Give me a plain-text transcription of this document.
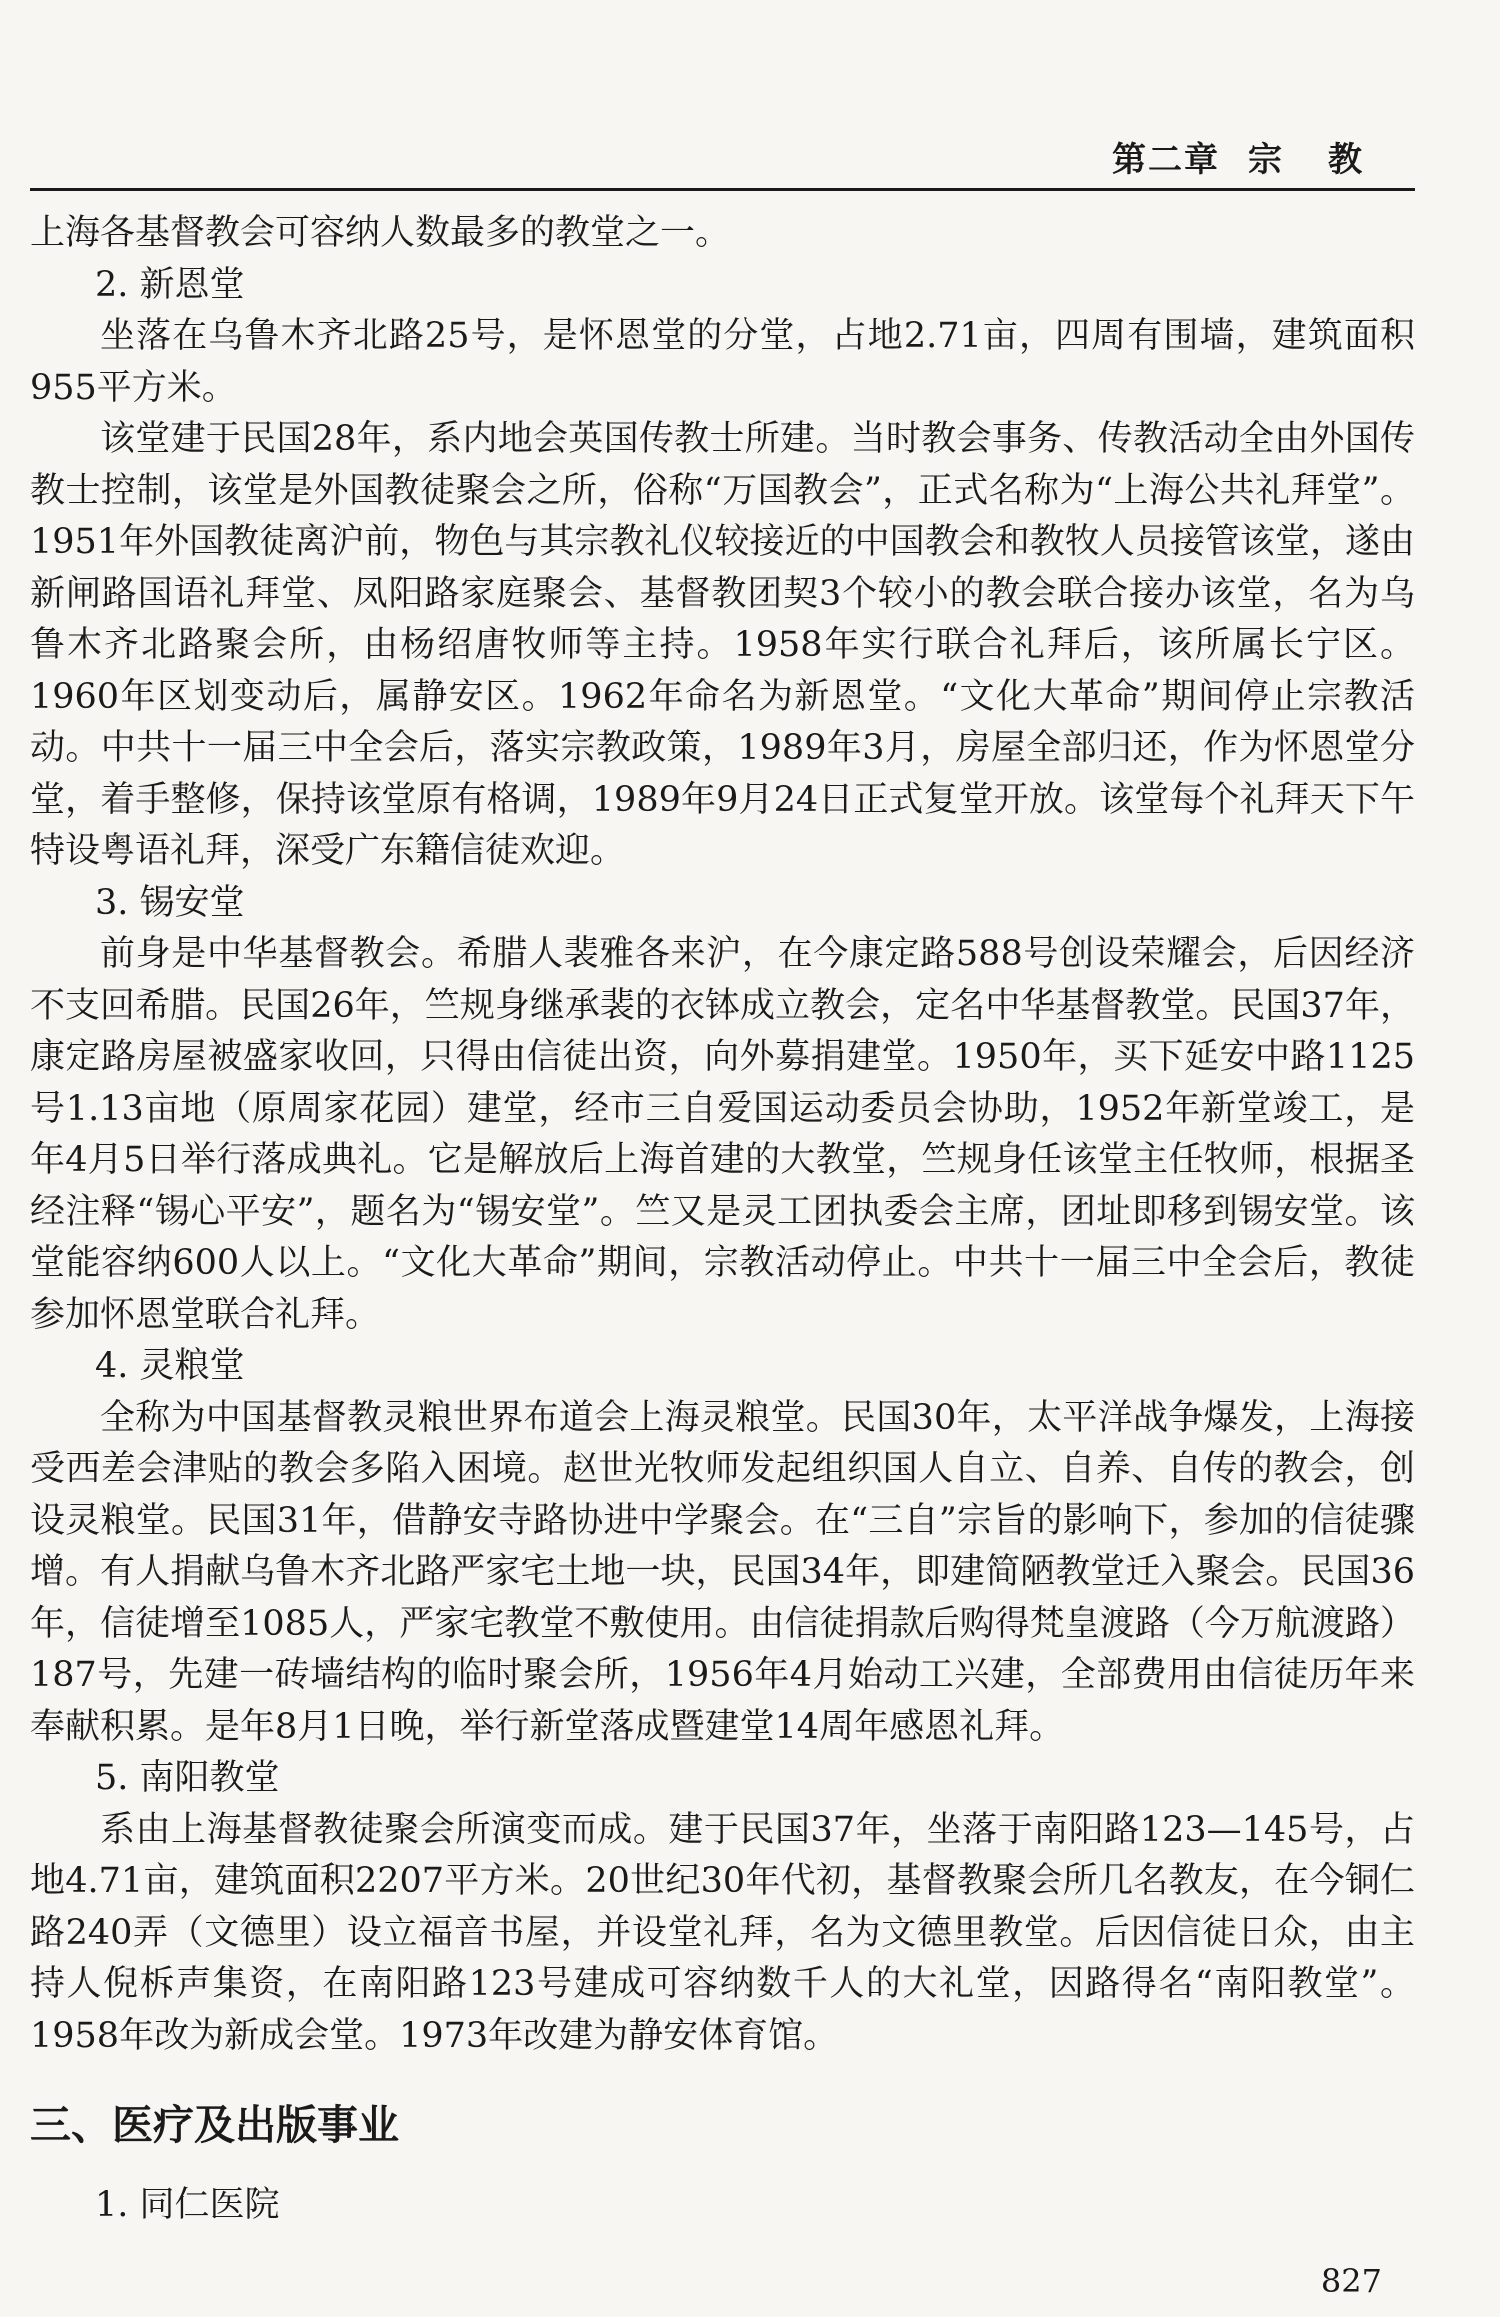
第二章 宗教

上海各基督教会可容纳人数最多的教堂之一。

2. 新恩堂

坐落在乌鲁木齐北路25号，是怀恩堂的分堂，占地2.71亩，四周有围墙，建筑面积955平方米。

该堂建于民国28年，系内地会英国传教士所建。当时教会事务、传教活动全由外国传教士控制，该堂是外国教徒聚会之所，俗称“万国教会”，正式名称为“上海公共礼拜堂”。1951年外国教徒离沪前，物色与其宗教礼仪较接近的中国教会和教牧人员接管该堂，遂由新闸路国语礼拜堂、凤阳路家庭聚会、基督教团契3个较小的教会联合接办该堂，名为乌鲁木齐北路聚会所，由杨绍唐牧师等主持。1958年实行联合礼拜后，该所属长宁区。1960年区划变动后，属静安区。1962年命名为新恩堂。“文化大革命”期间停止宗教活动。中共十一届三中全会后，落实宗教政策，1989年3月，房屋全部归还，作为怀恩堂分堂，着手整修，保持该堂原有格调，1989年9月24日正式复堂开放。该堂每个礼拜天下午特设粤语礼拜，深受广东籍信徒欢迎。

3. 锡安堂

前身是中华基督教会。希腊人裴雅各来沪，在今康定路588号创设荣耀会，后因经济不支回希腊。民国26年，竺规身继承裴的衣钵成立教会，定名中华基督教堂。民国37年，康定路房屋被盛家收回，只得由信徒出资，向外募捐建堂。1950年，买下延安中路1125号1.13亩地（原周家花园）建堂，经市三自爱国运动委员会协助，1952年新堂竣工，是年4月5日举行落成典礼。它是解放后上海首建的大教堂，竺规身任该堂主任牧师，根据圣经注释“锡心平安”，题名为“锡安堂”。竺又是灵工团执委会主席，团址即移到锡安堂。该堂能容纳600人以上。“文化大革命”期间，宗教活动停止。中共十一届三中全会后，教徒参加怀恩堂联合礼拜。

4. 灵粮堂

全称为中国基督教灵粮世界布道会上海灵粮堂。民国30年，太平洋战争爆发，上海接受西差会津贴的教会多陷入困境。赵世光牧师发起组织国人自立、自养、自传的教会，创设灵粮堂。民国31年，借静安寺路协进中学聚会。在“三自”宗旨的影响下，参加的信徒骤增。有人捐献乌鲁木齐北路严家宅土地一块，民国34年，即建简陋教堂迁入聚会。民国36年，信徒增至1085人，严家宅教堂不敷使用。由信徒捐款后购得梵皇渡路（今万航渡路）187号，先建一砖墙结构的临时聚会所，1956年4月始动工兴建，全部费用由信徒历年来奉献积累。是年8月1日晚，举行新堂落成暨建堂14周年感恩礼拜。

5. 南阳教堂

系由上海基督教徒聚会所演变而成。建于民国37年，坐落于南阳路123—145号，占地4.71亩，建筑面积2207平方米。20世纪30年代初，基督教聚会所几名教友，在今铜仁路240弄（文德里）设立福音书屋，并设堂礼拜，名为文德里教堂。后因信徒日众，由主持人倪柝声集资，在南阳路123号建成可容纳数千人的大礼堂，因路得名“南阳教堂”。1958年改为新成会堂。1973年改建为静安体育馆。

三、医疗及出版事业
1. 同仁医院
827
